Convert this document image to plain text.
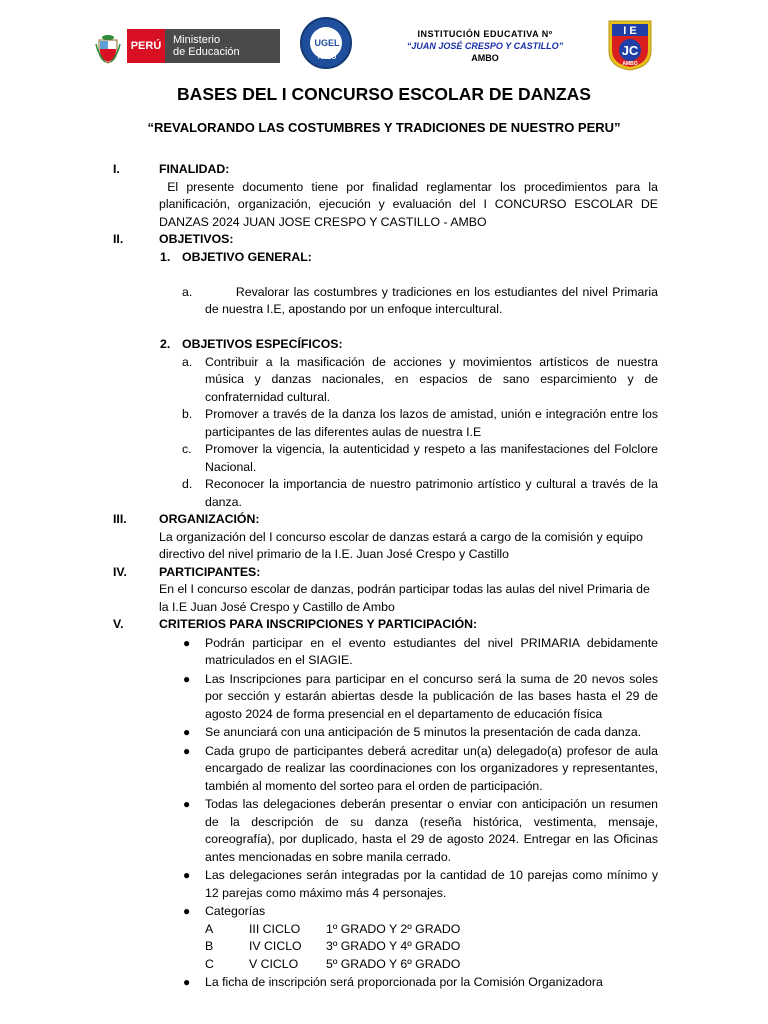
PERÚ	Ministerio
de Educación
UGEL
AMBO
INSTITUCIÓN EDUCATIVA Nº
“JUAN JOSÉ CRESPO Y CASTILLO”
AMBO
I E
JC
AMBO
BASES DEL I CONCURSO ESCOLAR DE DANZAS
“REVALORANDO LAS COSTUMBRES Y TRADICIONES DE NUESTRO PERU”
I.	FINALIDAD:
El presente documento tiene por finalidad reglamentar los procedimientos para la planificación, organización, ejecución y evaluación del I CONCURSO ESCOLAR DE DANZAS 2024 JUAN JOSE CRESPO Y CASTILLO - AMBO
II.	OBJETIVOS:
1. OBJETIVO GENERAL:

a.	Revalorar las costumbres y tradiciones en los estudiantes del nivel Primaria de nuestra I.E, apostando por un enfoque intercultural.

2. OBJETIVOS ESPECÍFICOS:
a. Contribuir a la masificación de acciones y movimientos artísticos de nuestra música y danzas nacionales, en espacios de sano esparcimiento y de confraternidad cultural.
b. Promover a través de la danza los lazos de amistad, unión e integración entre los participantes de las diferentes aulas de nuestra I.E
c. Promover la vigencia, la autenticidad y respeto a las manifestaciones del Folclore Nacional.
d. Reconocer la importancia de nuestro patrimonio artístico y cultural a través de la danza.
III.	ORGANIZACIÓN:
La organización del I concurso escolar de danzas estará a cargo de la comisión y equipo directivo del nivel primario de la I.E. Juan José Crespo y Castillo
IV.	PARTICIPANTES:
En el I concurso escolar de danzas, podrán participar todas las aulas del nivel Primaria de la I.E Juan José Crespo y Castillo de Ambo
V.	CRITERIOS PARA INSCRIPCIONES Y PARTICIPACIÓN:
● Podrán participar en el evento estudiantes del nivel PRIMARIA debidamente matriculados en el SIAGIE.
● Las Inscripciones para participar en el concurso será la suma de 20 nevos soles por sección y estarán abiertas desde la publicación de las bases hasta el 29 de agosto 2024 de forma presencial en el departamento de educación física
● Se anunciará con una anticipación de 5 minutos la presentación de cada danza.
● Cada grupo de participantes deberá acreditar un(a) delegado(a) profesor de aula encargado de realizar las coordinaciones con los organizadores y representantes, también al momento del sorteo para el orden de participación.
● Todas las delegaciones deberán presentar o enviar con anticipación un resumen de la descripción de su danza (reseña histórica, vestimenta, mensaje, coreografía), por duplicado, hasta el 29 de agosto 2024. Entregar en las Oficinas antes mencionadas en sobre manila cerrado.
● Las delegaciones serán integradas por la cantidad de 10 parejas como mínimo y 12 parejas como máximo más 4 personajes.
● Categorías
A	III CICLO 1º GRADO Y 2º GRADO
B	IV CICLO 3º GRADO Y 4º GRADO
C	V CICLO 5º GRADO Y 6º GRADO
● La ficha de inscripción será proporcionada por la Comisión Organizadora
